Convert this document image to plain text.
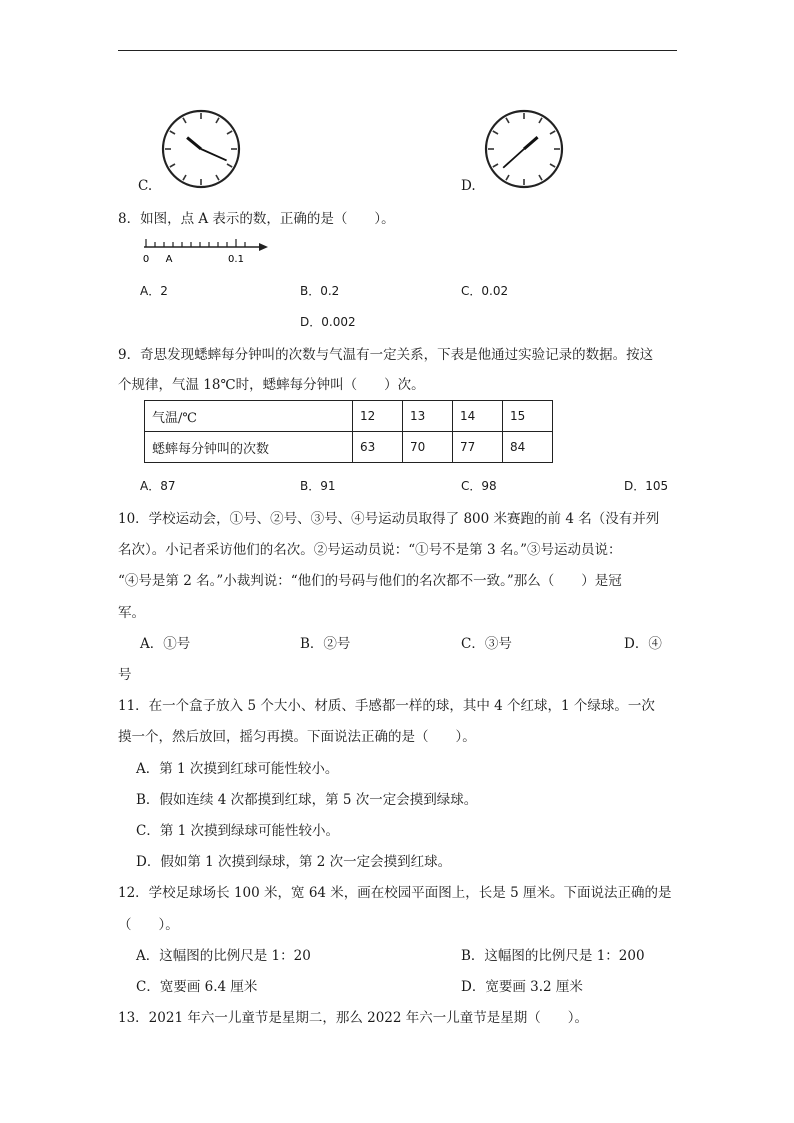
C.	D.
8．如图，点 A 表示的数，正确的是（　　）。
0 A	0.1
A．2	B．0.2	C．0.02
D．0.002
9．奇思发现蟋蟀每分钟叫的次数与气温有一定关系，下表是他通过实验记录的数据。按这
个规律，气温 18℃时，蟋蟀每分钟叫（　　）次。
气温/℃	12	13	14	15
蟋蟀每分钟叫的次数	63	70	77	84
A．87	B．91	C．98	D．105
10．学校运动会，①号、②号、③号、④号运动员取得了 800 米赛跑的前 4 名（没有并列
名次）。小记者采访他们的名次。②号运动员说：“①号不是第 3 名。”③号运动员说：
“④号是第 2 名。”小裁判说：“他们的号码与他们的名次都不一致。”那么（　　）是冠
军。
A．①号	B．②号	C．③号	D．④
号
11．在一个盒子放入 5 个大小、材质、手感都一样的球，其中 4 个红球，1 个绿球。一次
摸一个，然后放回，摇匀再摸。下面说法正确的是（　　）。
A．第 1 次摸到红球可能性较小。
B．假如连续 4 次都摸到红球，第 5 次一定会摸到绿球。
C．第 1 次摸到绿球可能性较小。
D．假如第 1 次摸到绿球，第 2 次一定会摸到红球。
12．学校足球场长 100 米，宽 64 米，画在校园平面图上，长是 5 厘米。下面说法正确的是
（　　）。
A．这幅图的比例尺是 1：20	B．这幅图的比例尺是 1：200
C．宽要画 6.4 厘米	D．宽要画 3.2 厘米
13．2021 年六一儿童节是星期二，那么 2022 年六一儿童节是星期（　　）。
